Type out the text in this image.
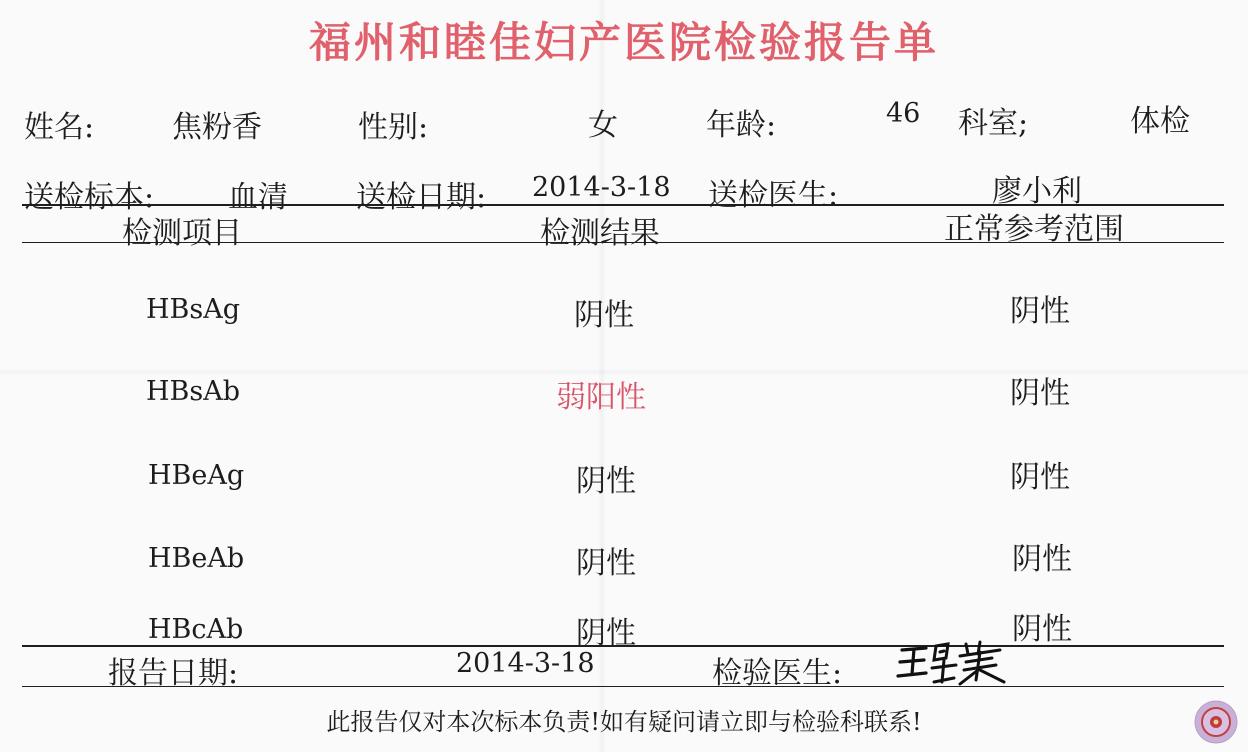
福州和睦佳妇产医院检验报告单
姓名:	焦粉香	性别:	女	年龄:	46 科室;	体检
送检标本: 血清 送检日期: 2014-3-18 送检医生:	廖小利
检测项目	检测结果	正常参考范围
HBsAg	阴性	阴性
HBsAb	弱阳性	阴性
HBeAg	阴性	阴性
HBeAb	阴性	阴性
HBcAb	阴性	阴性
报告日期:	2014-3-18	检验医生:
此报告仅对本次标本负责!如有疑问请立即与检验科联系!
